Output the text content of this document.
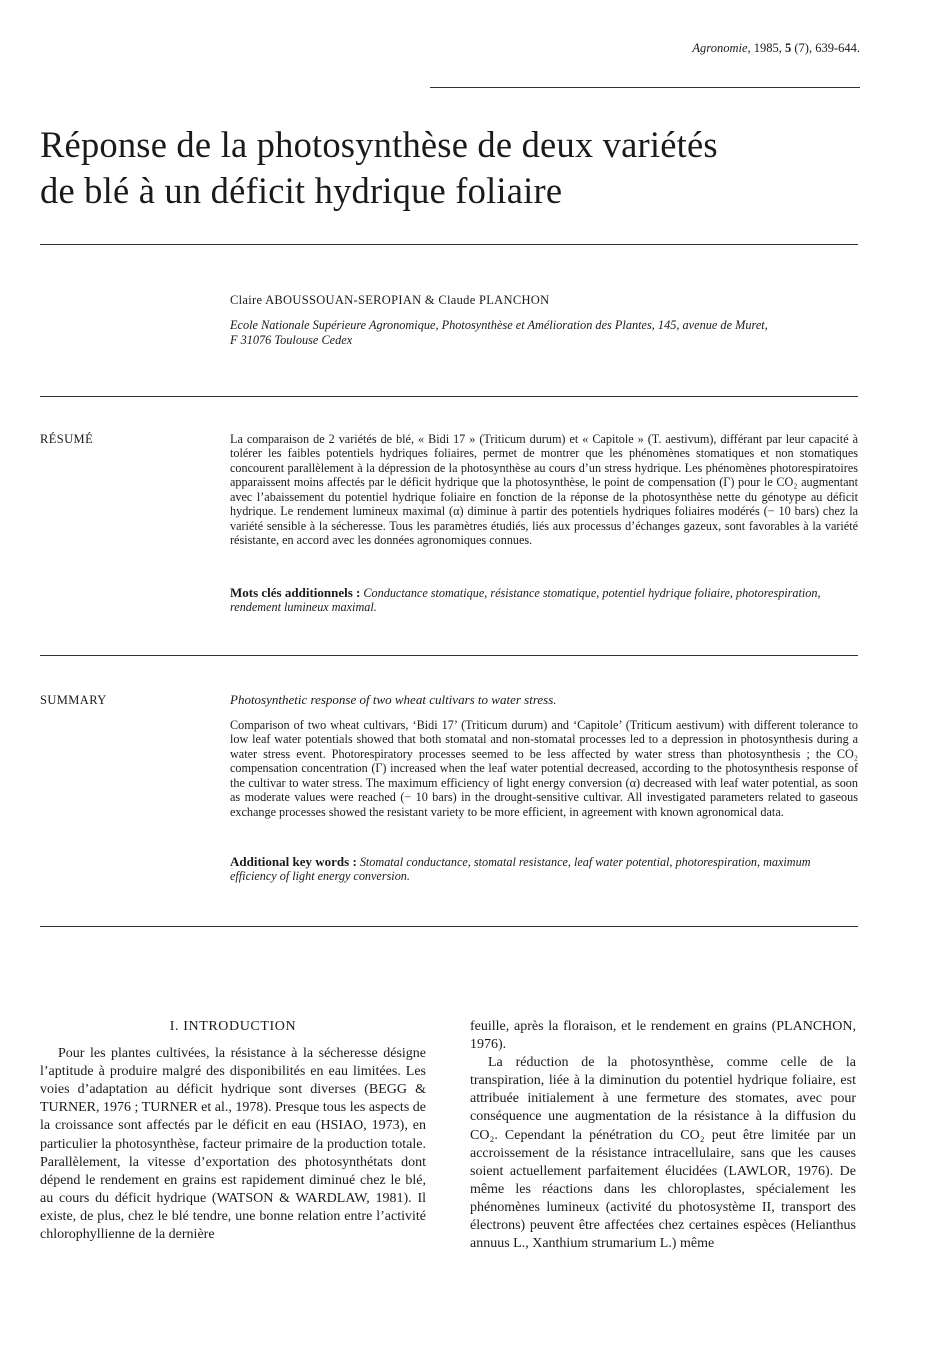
Agronomie, 1985, 5 (7), 639-644.
Réponse de la photosynthèse de deux variétés
de blé à un déficit hydrique foliaire
Claire ABOUSSOUAN-SEROPIAN & Claude PLANCHON
Ecole Nationale Supérieure Agronomique, Photosynthèse et Amélioration des Plantes, 145, avenue de Muret,
F 31076 Toulouse Cedex
RÉSUMÉ	La comparaison de 2 variétés de blé, « Bidi 17 » (Triticum durum) et « Capitole » (T. aestivum), différant par leur capacité à tolérer les faibles potentiels hydriques foliaires, permet de montrer que les phénomènes stomatiques et non stomatiques concourent parallèlement à la dépression de la photosynthèse au cours d’un stress hydrique. Les phénomènes photorespiratoires apparaissent moins affectés par le déficit hydrique que la photosynthèse, le point de compensation (Γ) pour le CO₂ augmentant avec l’abaissement du potentiel hydrique foliaire en fonction de la réponse de la photosynthèse nette du génotype au déficit hydrique. Le rendement lumineux maximal (α) diminue à partir des potentiels hydriques foliaires modérés (− 10 bars) chez la variété sensible à la sécheresse. Tous les paramètres étudiés, liés aux processus d’échanges gazeux, sont favorables à la variété résistante, en accord avec les données agronomiques connues.

Mots clés additionnels : Conductance stomatique, résistance stomatique, potentiel hydrique foliaire, photorespiration, rendement lumineux maximal.

SUMMARY	Photosynthetic response of two wheat cultivars to water stress.

Comparison of two wheat cultivars, ‘Bidi 17’ (Triticum durum) and ‘Capitole’ (Triticum aestivum) with different tolerance to low leaf water potentials showed that both stomatal and non-stomatal processes led to a depression in photosynthesis during a water stress event. Photorespiratory processes seemed to be less affected by water stress than photosynthesis ; the CO₂ compensation concentration (Γ) increased when the leaf water potential decreased, according to the photosynthesis response of the cultivar to water stress. The maximum efficiency of light energy conversion (α) decreased with leaf water potential, as soon as moderate values were reached (− 10 bars) in the drought-sensitive cultivar. All investigated parameters related to gaseous exchange processes showed the resistant variety to be more efficient, in agreement with known agronomical data.

Additional key words : Stomatal conductance, stomatal resistance, leaf water potential, photorespiration, maximum efficiency of light energy conversion.

I. INTRODUCTION

Pour les plantes cultivées, la résistance à la sécheresse désigne l’aptitude à produire malgré des disponibilités en eau limitées. Les voies d’adaptation au déficit hydrique sont diverses (BEGG & TURNER, 1976 ; TURNER et al., 1978). Presque tous les aspects de la croissance sont affectés par le déficit en eau (HSIAO, 1973), en particulier la photosynthèse, facteur primaire de la production totale. Parallèlement, la vitesse d’exportation des photosynthétats dont dépend le rendement en grains est rapidement diminué chez le blé, au cours du déficit hydrique (WATSON & WARDLAW, 1981). Il existe, de plus, chez le blé tendre, une bonne relation entre l’activité chlorophyllienne de la dernière

feuille, après la floraison, et le rendement en grains (PLANCHON, 1976).

La réduction de la photosynthèse, comme celle de la transpiration, liée à la diminution du potentiel hydrique foliaire, est attribuée initialement à une fermeture des stomates, avec pour conséquence une augmentation de la résistance à la diffusion du CO₂. Cependant la pénétration du CO₂ peut être limitée par un accroissement de la résistance intracellulaire, sans que les causes soient actuellement parfaitement élucidées (LAWLOR, 1976). De même les réactions dans les chloroplastes, spécialement les phénomènes lumineux (activité du photosystème II, transport des électrons) peuvent être affectées chez certaines espèces (Helianthus annuus L., Xanthium strumarium L.) même
